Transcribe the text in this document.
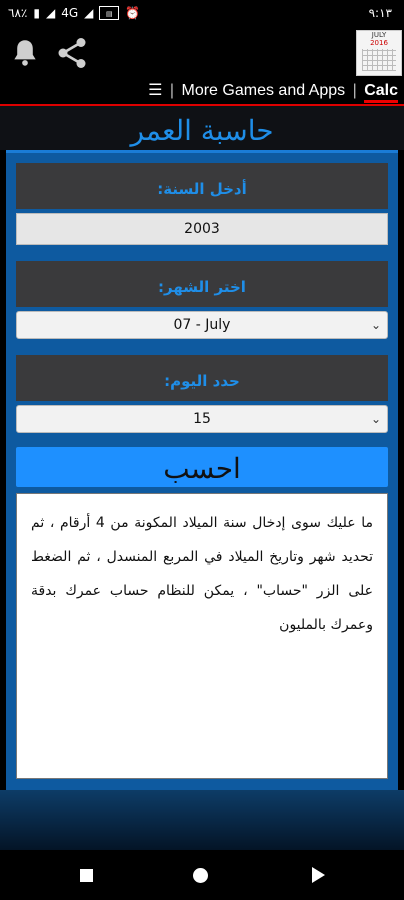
٦٨٪ ▮ ◢ 4G ◢	▤	⏰	٩:١٣
JULY
2016
☰ | More Games and Apps | Calc
حاسبة العمر
:أدخل السنة
2003
:اختر الشهر
07 - July	⌄
:حدد اليوم
15	⌄
احسب
ما عليك سوى إدخال سنة الميلاد المكونة من 4 أرقام ، ثم تحديد شهر وتاريخ الميلاد في المربع المنسدل ، ثم الضغط على الزر "حساب" ، يمكن للنظام حساب عمرك بدقة وعمرك بالمليون
